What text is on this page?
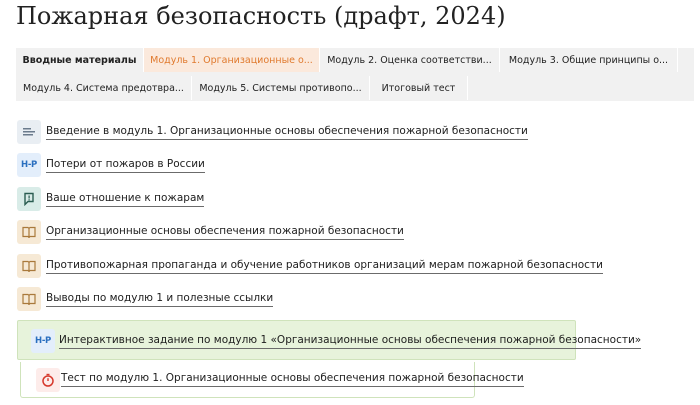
Пожарная безопасность (драфт, 2024)
Вводные материалы	Модуль 1. Организационные о...	Модуль 2. Оценка соответстви...	Модуль 3. Общие принципы о...
Модуль 4. Система предотвра...	Модуль 5. Системы противопо...	Итоговый тест
Введение в модуль 1. Организационные основы обеспечения пожарной безопасности
H-P Потери от пожаров в России
Ваше отношение к пожарам
Организационные основы обеспечения пожарной безопасности
Противопожарная пропаганда и обучение работников организаций мерам пожарной безопасности
Выводы по модулю 1 и полезные ссылки
H-P Интерактивное задание по модулю 1 «Организационные основы обеспечения пожарной безопасности»
Тест по модулю 1. Организационные основы обеспечения пожарной безопасности
